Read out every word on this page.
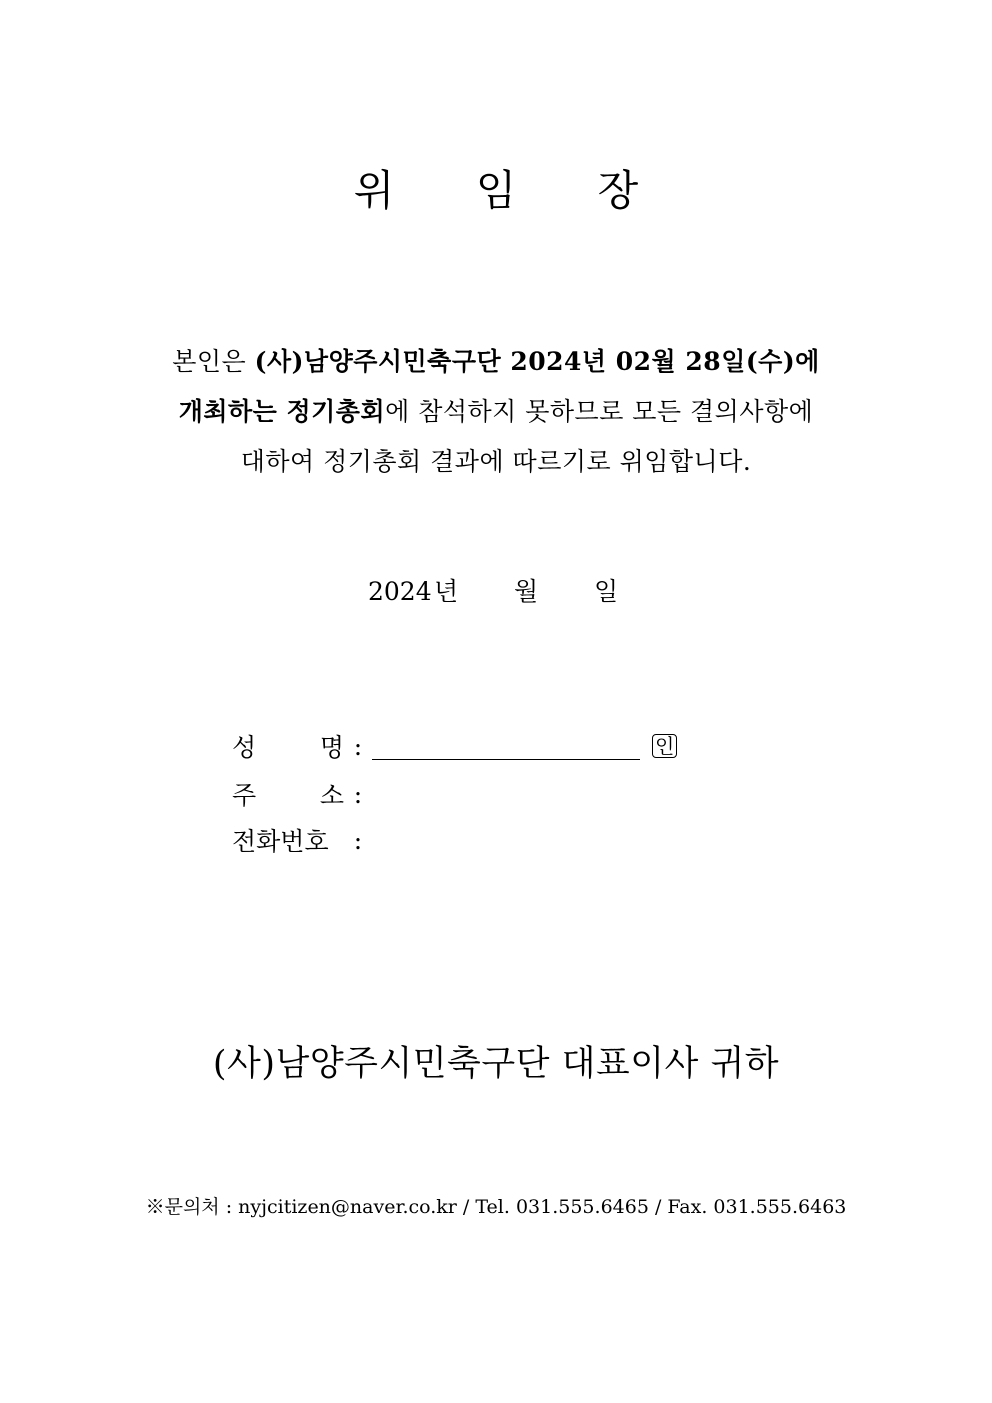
위 임 장
본인은 (사)남양주시민축구단 2024년 02월 28일(수)에
개최하는 정기총회에 참석하지 못하므로 모든 결의사항에
대하여 정기총회 결과에 따르기로 위임합니다.
2024년 월 일
성 명 :	인
주 소 :
전화번호	:
(사)남양주시민축구단 대표이사 귀하
※문의처 : nyjcitizen@naver.co.kr / Tel. 031.555.6465 / Fax. 031.555.6463
